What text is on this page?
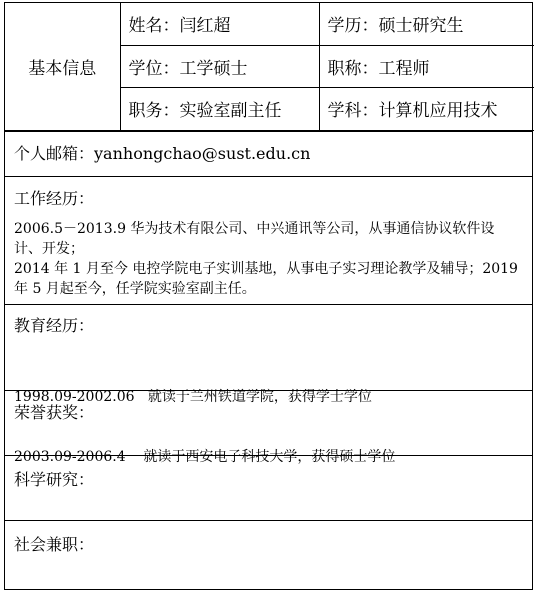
基本信息	姓名：闫红超	学历：硕士研究生
	学位：工学硕士	职称：工程师
	职务：实验室副主任	学科：计算机应用技术
个人邮箱：yanhongchao@sust.edu.cn
工作经历：

2006.5－2013.9 华为技术有限公司、中兴通讯等公司，从事通信协议软件设计、开发；

2014 年 1 月至今 电控学院电子实训基地，从事电子实习理论教学及辅导；2019 年 5 月起至今，任学院实验室副主任。

教育经历：

1998.09-2002.06   就读于兰州铁道学院，获得学士学位

2003.09-2006.4    就读于西安电子科技大学，获得硕士学位

荣誉获奖：
科学研究：
社会兼职：
